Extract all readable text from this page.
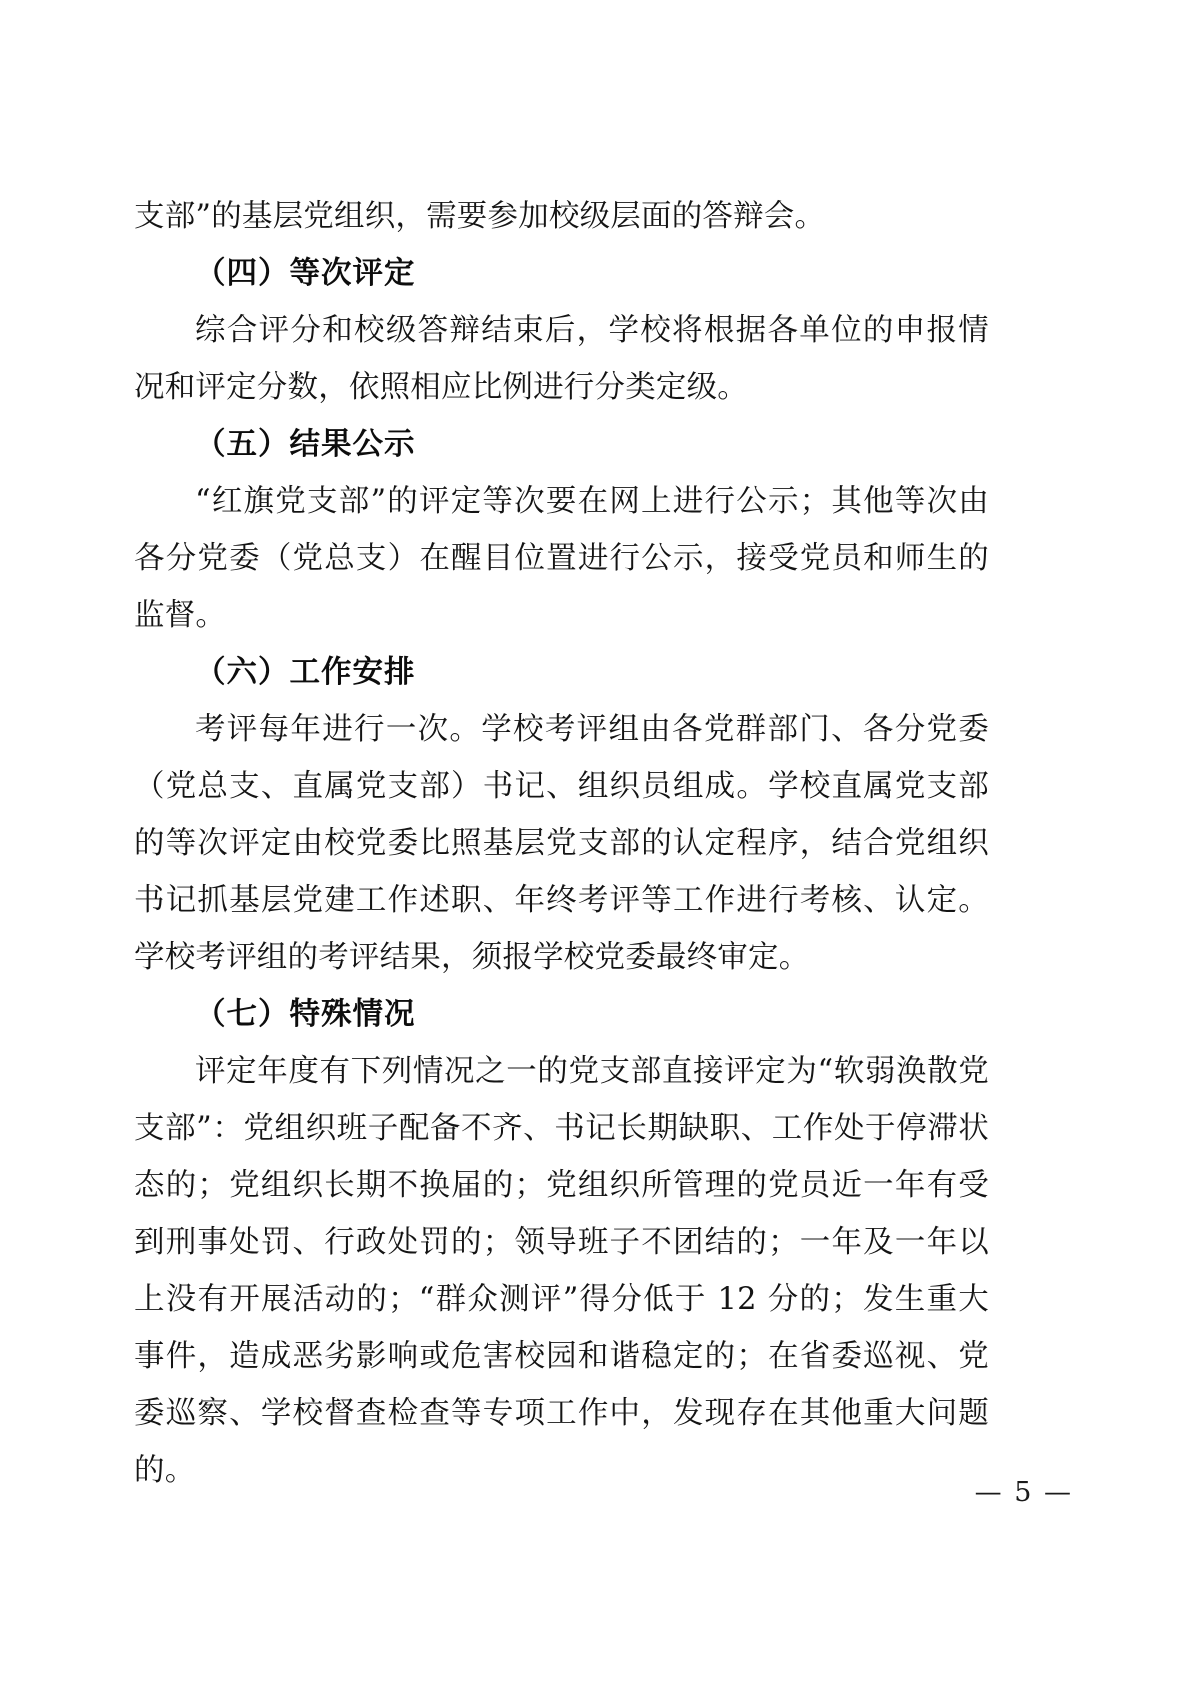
支部”的基层党组织，需要参加校级层面的答辩会。

（四）等次评定

综合评分和校级答辩结束后，学校将根据各单位的申报情况和评定分数，依照相应比例进行分类定级。

（五）结果公示

“红旗党支部”的评定等次要在网上进行公示；其他等次由各分党委（党总支）在醒目位置进行公示，接受党员和师生的监督。

（六）工作安排

考评每年进行一次。学校考评组由各党群部门、各分党委（党总支、直属党支部）书记、组织员组成。学校直属党支部的等次评定由校党委比照基层党支部的认定程序，结合党组织书记抓基层党建工作述职、年终考评等工作进行考核、认定。学校考评组的考评结果，须报学校党委最终审定。

（七）特殊情况

评定年度有下列情况之一的党支部直接评定为“软弱涣散党支部”：党组织班子配备不齐、书记长期缺职、工作处于停滞状态的；党组织长期不换届的；党组织所管理的党员近一年有受到刑事处罚、行政处罚的；领导班子不团结的；一年及一年以上没有开展活动的；“群众测评”得分低于 12 分的；发生重大事件，造成恶劣影响或危害校园和谐稳定的；在省委巡视、党委巡察、学校督查检查等专项工作中，发现存在其他重大问题的。

— 5 —
